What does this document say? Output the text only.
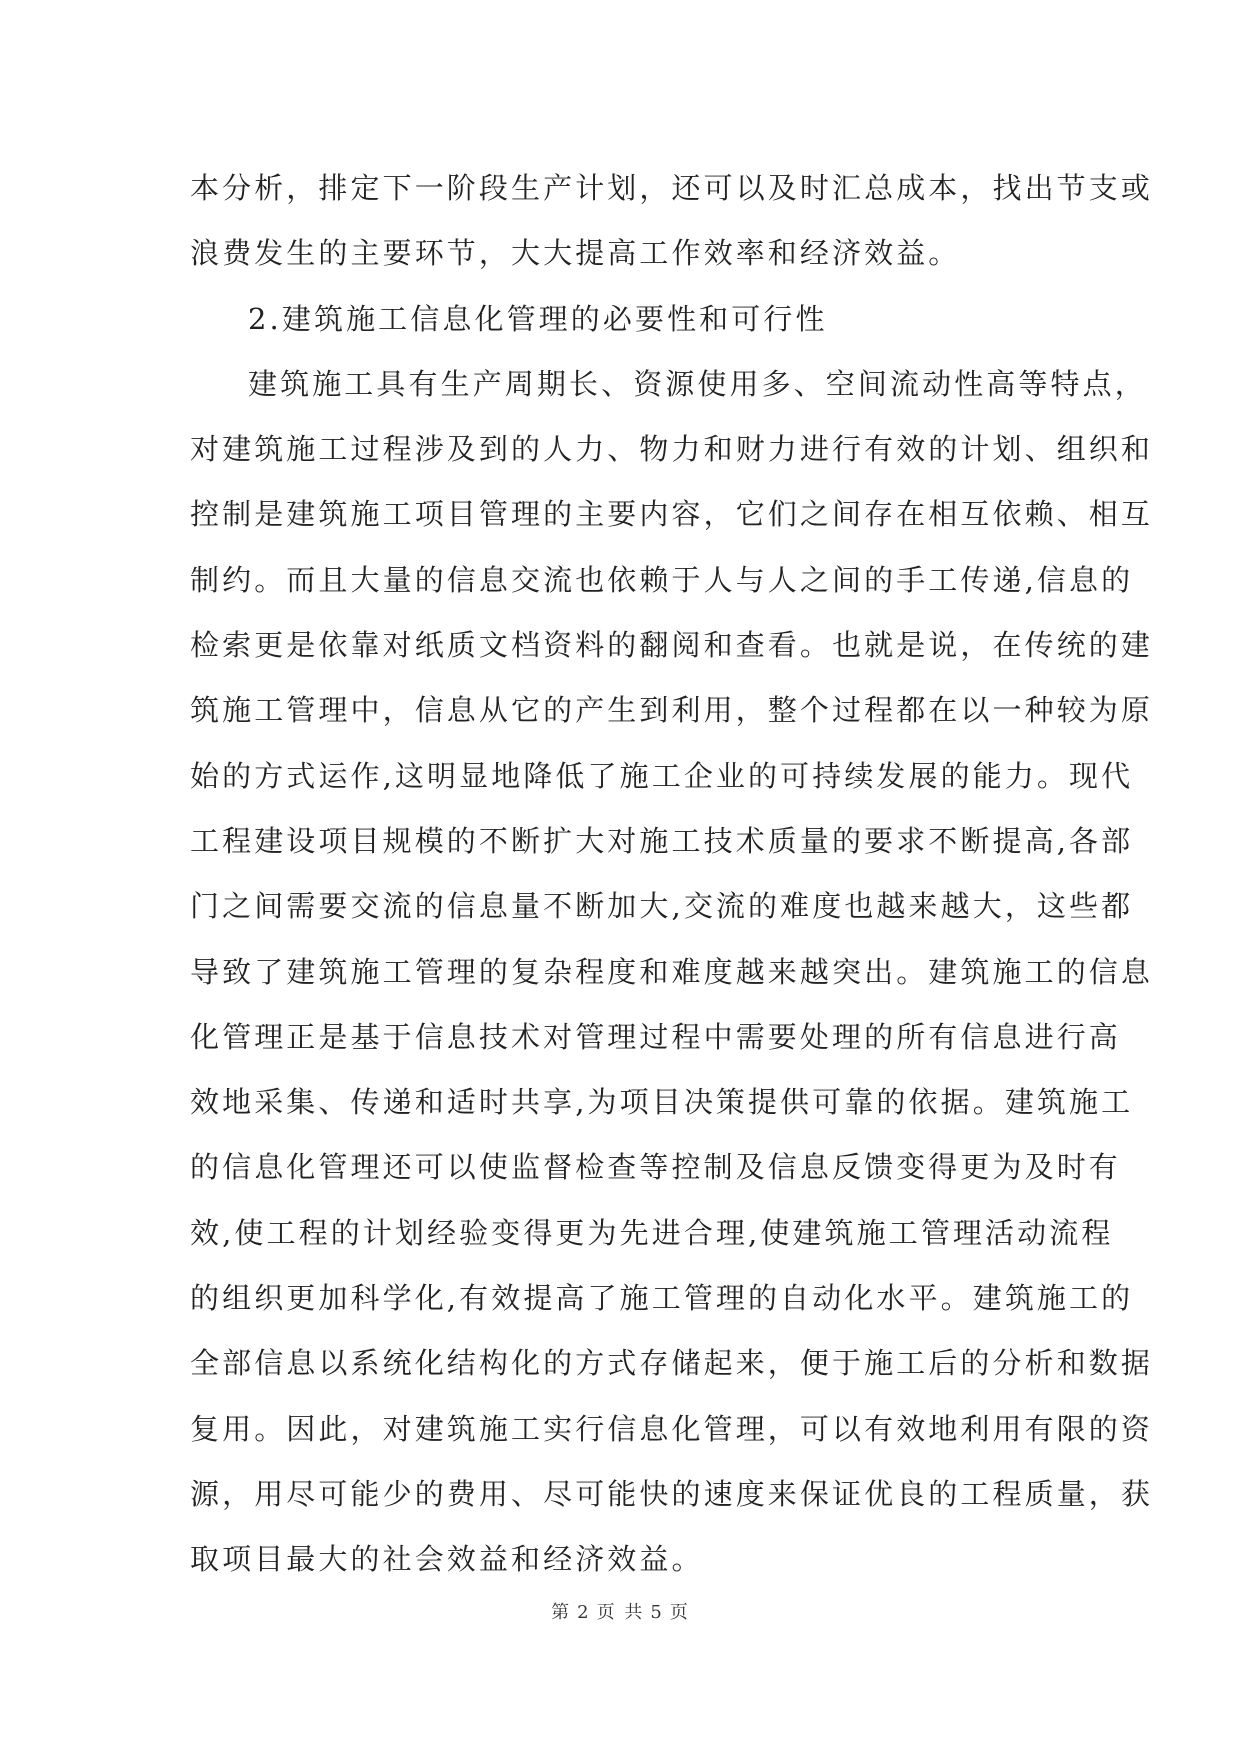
本分析，排定下一阶段生产计划，还可以及时汇总成本，找出节支或
浪费发生的主要环节，大大提高工作效率和经济效益。
2.建筑施工信息化管理的必要性和可行性
建筑施工具有生产周期长、资源使用多、空间流动性高等特点，
对建筑施工过程涉及到的人力、物力和财力进行有效的计划、组织和
控制是建筑施工项目管理的主要内容，它们之间存在相互依赖、相互
制约。而且大量的信息交流也依赖于人与人之间的手工传递,信息的
检索更是依靠对纸质文档资料的翻阅和查看。也就是说，在传统的建
筑施工管理中，信息从它的产生到利用，整个过程都在以一种较为原
始的方式运作,这明显地降低了施工企业的可持续发展的能力。现代
工程建设项目规模的不断扩大对施工技术质量的要求不断提高,各部
门之间需要交流的信息量不断加大,交流的难度也越来越大，这些都
导致了建筑施工管理的复杂程度和难度越来越突出。建筑施工的信息
化管理正是基于信息技术对管理过程中需要处理的所有信息进行高
效地采集、传递和适时共享,为项目决策提供可靠的依据。建筑施工
的信息化管理还可以使监督检查等控制及信息反馈变得更为及时有
效,使工程的计划经验变得更为先进合理,使建筑施工管理活动流程
的组织更加科学化,有效提高了施工管理的自动化水平。建筑施工的
全部信息以系统化结构化的方式存储起来，便于施工后的分析和数据
复用。因此，对建筑施工实行信息化管理，可以有效地利用有限的资
源，用尽可能少的费用、尽可能快的速度来保证优良的工程质量，获
取项目最大的社会效益和经济效益。
第 2 页 共 5 页
